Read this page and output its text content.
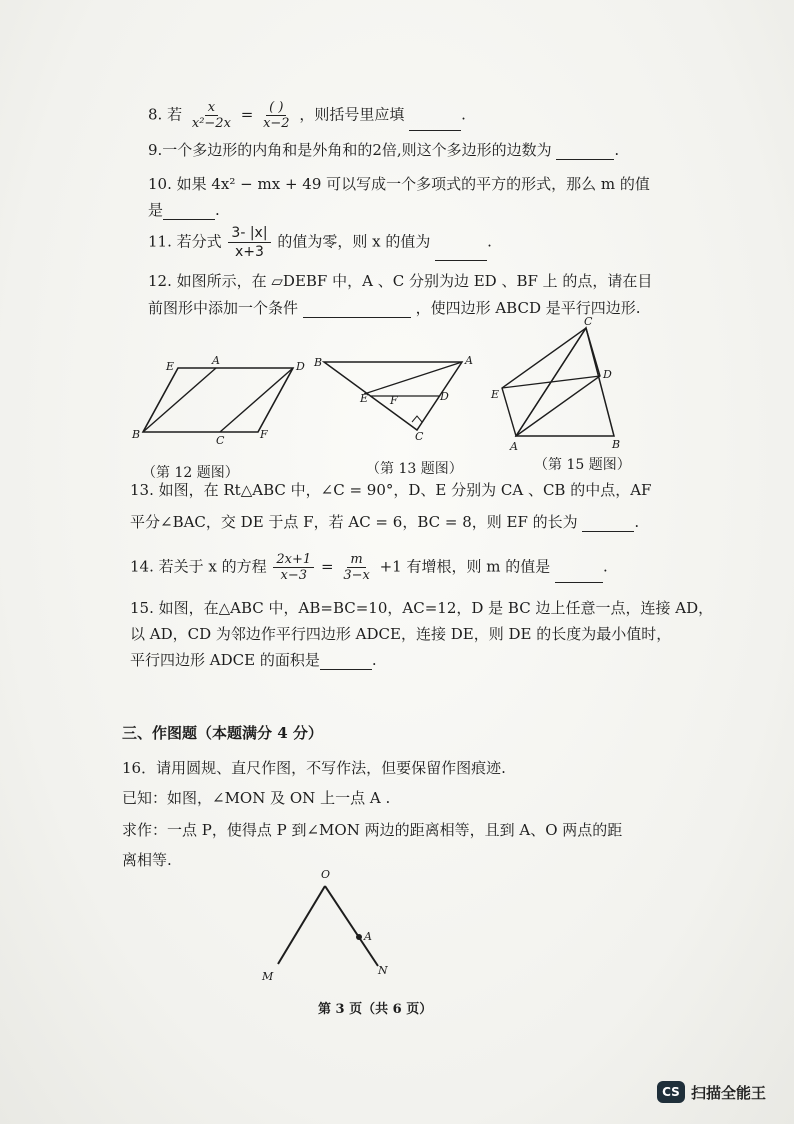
8. 若 $\frac{x}{\text{x²−2x}} = \frac{( )}{x-2}$ ，则括号里应填	.
9.一个多边形的内角和是外角和的2倍,则这个多边形的边数为	.
10. 如果 4x² − mx + 49 可以写成一个多项式的平方的形式，那么 m 的值
是	.
11. 若分式 $\frac{3- |x|}{x+3}$ 的值为零，则 x 的值为	.
12. 如图所示，在 ▱DEBF 中，A 、C 分别为边 ED 、BF 上 的点，请在目
前图形中添加一个条件	，使四边形 ABCD 是平行四边形.
E	A	D
B	C	F
（第 12 题图）
B	A
E F	D
C
（第 13 题图）
C
D
E
A	B
（第 15 题图）
13. 如图，在 Rt△ABC 中，∠C = 90°，D、E 分别为 CA 、CB 的中点，AF
平分∠BAC，交 DE 于点 F，若 AC = 6，BC = 8，则 EF 的长为	.
14. 若关于 x 的方程 $\frac{2x+1}{x-3} = \frac{m}{3-x} +1$ 有增根，则 m 的值是	.
15. 如图，在△ABC 中，AB=BC=10，AC=12，D 是 BC 边上任意一点，连接 AD，
以 AD，CD 为邻边作平行四边形 ADCE，连接 DE，则 DE 的长度为最小值时，
平行四边形 ADCE 的面积是	.
三、作图题（本题满分 4 分）
16．请用圆规、直尺作图，不写作法，但要保留作图痕迹.
已知：如图，∠MON 及 ON 上一点 A .
求作：一点 P，使得点 P 到∠MON 两边的距离相等，且到 A、O 两点的距
离相等.
O
A
M	N
第 3 页（共 6 页）
CS 扫描全能王
